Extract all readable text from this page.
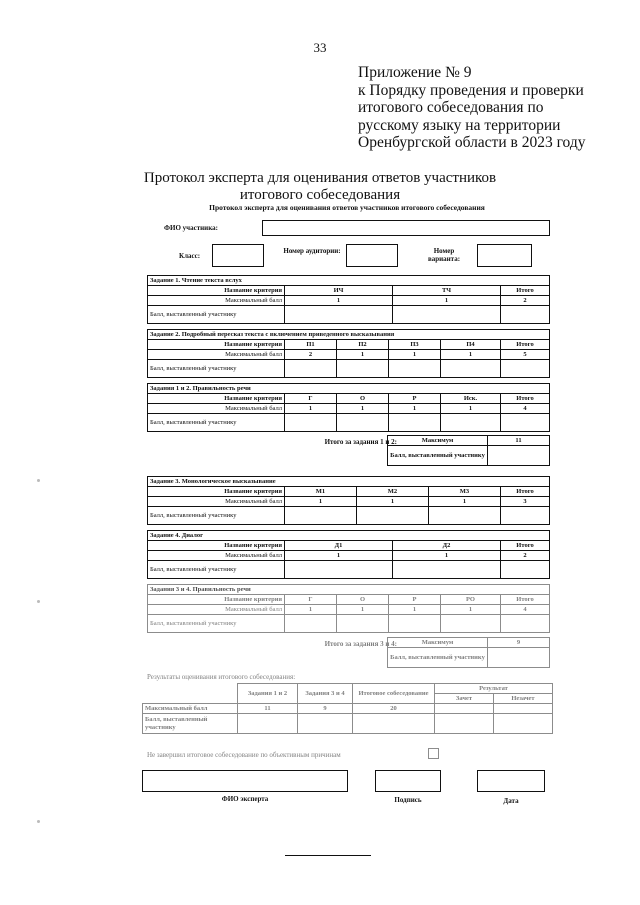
33
Приложение № 9
к Порядку проведения и проверки
итогового собеседования по
русскому языку на территории
Оренбургской области в 2023 году
Протокол эксперта для оценивания ответов участников итогового собеседования
Протокол эксперта для оценивания ответов участников итогового собеседования
ФИО участника:
Класс:
Номер аудитории:	Номер варианта:
Задание 1. Чтение текста вслух			
Название критерия	ИЧ	ТЧ	Итого
Максимальный балл	1	1	2
Балл, выставленный участнику			
Задание 2. Подробный пересказ текста с включением приведенного высказывания					
Название критерия	П1	П2	П3	П4	Итого
Максимальный балл	2	1	1	1	5
Балл, выставленный участнику					
Задания 1 и 2. Правильность речи					
Название критерия	Г	О	Р	Иск.	Итого
Максимальный балл	1	1	1	1	4
Балл, выставленный участнику					
Итого за задания 1 и 2:	Максимум	11
Балл, выставленный участнику	
Задание 3. Монологическое высказывание				
Название критерия	М1	М2	М3	Итого
Максимальный балл	1	1	1	3
Балл, выставленный участнику				
Задание 4. Диалог			
Название критерия	Д1	Д2	Итого
Максимальный балл	1	1	2
Балл, выставленный участнику			
Задания 3 и 4. Правильность речи					
Название критерия	Г	О	Р	РО	Итого
Максимальный балл	1	1	1	1	4
Балл, выставленный участнику					
Итого за задания 3 и 4:	Максимум	9
Балл, выставленный участнику	
Результаты оценивания итогового собеседования:
	Задания 1 и 2	Задания 3 и 4	Итоговое собеседование	Результат	
				Зачет	Незачет
Максимальный балл	11	9	20		
Балл, выставленный участнику					
Не завершил итоговое собеседование по объективным причинам
ФИО эксперта	Подпись	Дата
